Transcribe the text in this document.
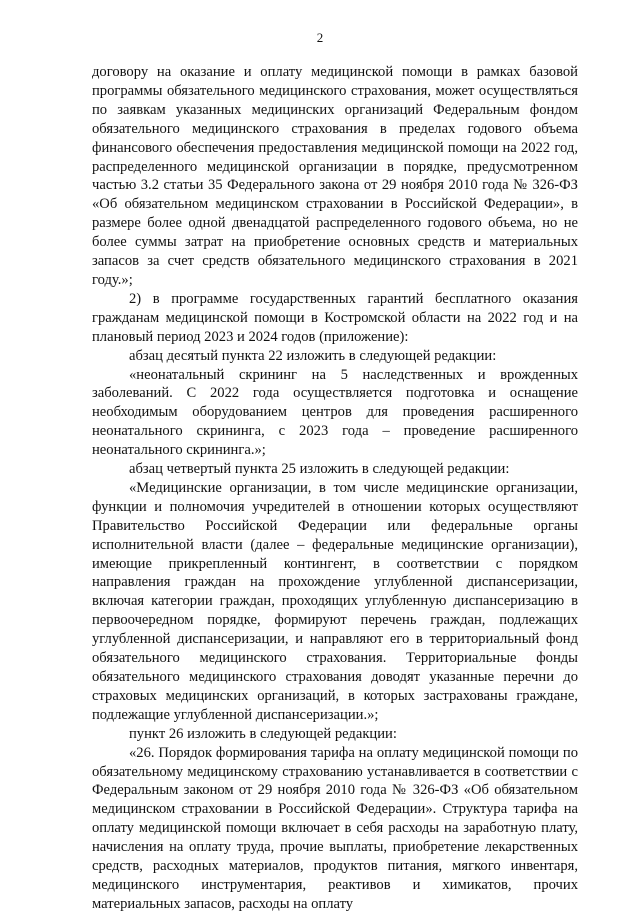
2

договору на оказание и оплату медицинской помощи в рамках базовой программы обязательного медицинского страхования, может осуществляться по заявкам указанных медицинских организаций Федеральным фондом обязательного медицинского страхования в пределах годового объема финансового обеспечения предоставления медицинской помощи на 2022 год, распределенного медицинской организации в порядке, предусмотренном частью 3.2 статьи 35 Федерального закона от 29 ноября 2010 года № 326-ФЗ «Об обязательном медицинском страховании в Российской Федерации», в размере более одной двенадцатой распределенного годового объема, но не более суммы затрат на приобретение основных средств и материальных запасов за счет средств обязательного медицинского страхования в 2021 году.»;

2) в программе государственных гарантий бесплатного оказания гражданам медицинской помощи в Костромской области на 2022 год и на плановый период 2023 и 2024 годов (приложение):

абзац десятый пункта 22 изложить в следующей редакции:

«неонатальный скрининг на 5 наследственных и врожденных заболеваний. С 2022 года осуществляется подготовка и оснащение необходимым оборудованием центров для проведения расширенного неонатального скрининга, с 2023 года – проведение расширенного неонатального скрининга.»;

абзац четвертый пункта 25 изложить в следующей редакции:

«Медицинские организации, в том числе медицинские организации, функции и полномочия учредителей в отношении которых осуществляют Правительство Российской Федерации или федеральные органы исполнительной власти (далее – федеральные медицинские организации), имеющие прикрепленный контингент, в соответствии с порядком направления граждан на прохождение углубленной диспансеризации, включая категории граждан, проходящих углубленную диспансеризацию в первоочередном порядке, формируют перечень граждан, подлежащих углубленной диспансеризации, и направляют его в территориальный фонд обязательного медицинского страхования. Территориальные фонды обязательного медицинского страхования доводят указанные перечни до страховых медицинских организаций, в которых застрахованы граждане, подлежащие углубленной диспансеризации.»;

пункт 26 изложить в следующей редакции:

«26. Порядок формирования тарифа на оплату медицинской помощи по обязательному медицинскому страхованию устанавливается в соответствии с Федеральным законом от 29 ноября 2010 года № 326-ФЗ «Об обязательном медицинском страховании в Российской Федерации». Структура тарифа на оплату медицинской помощи включает в себя расходы на заработную плату, начисления на оплату труда, прочие выплаты, приобретение лекарственных средств, расходных материалов, продуктов питания, мягкого инвентаря, медицинского инструментария, реактивов и химикатов, прочих материальных запасов, расходы на оплату
